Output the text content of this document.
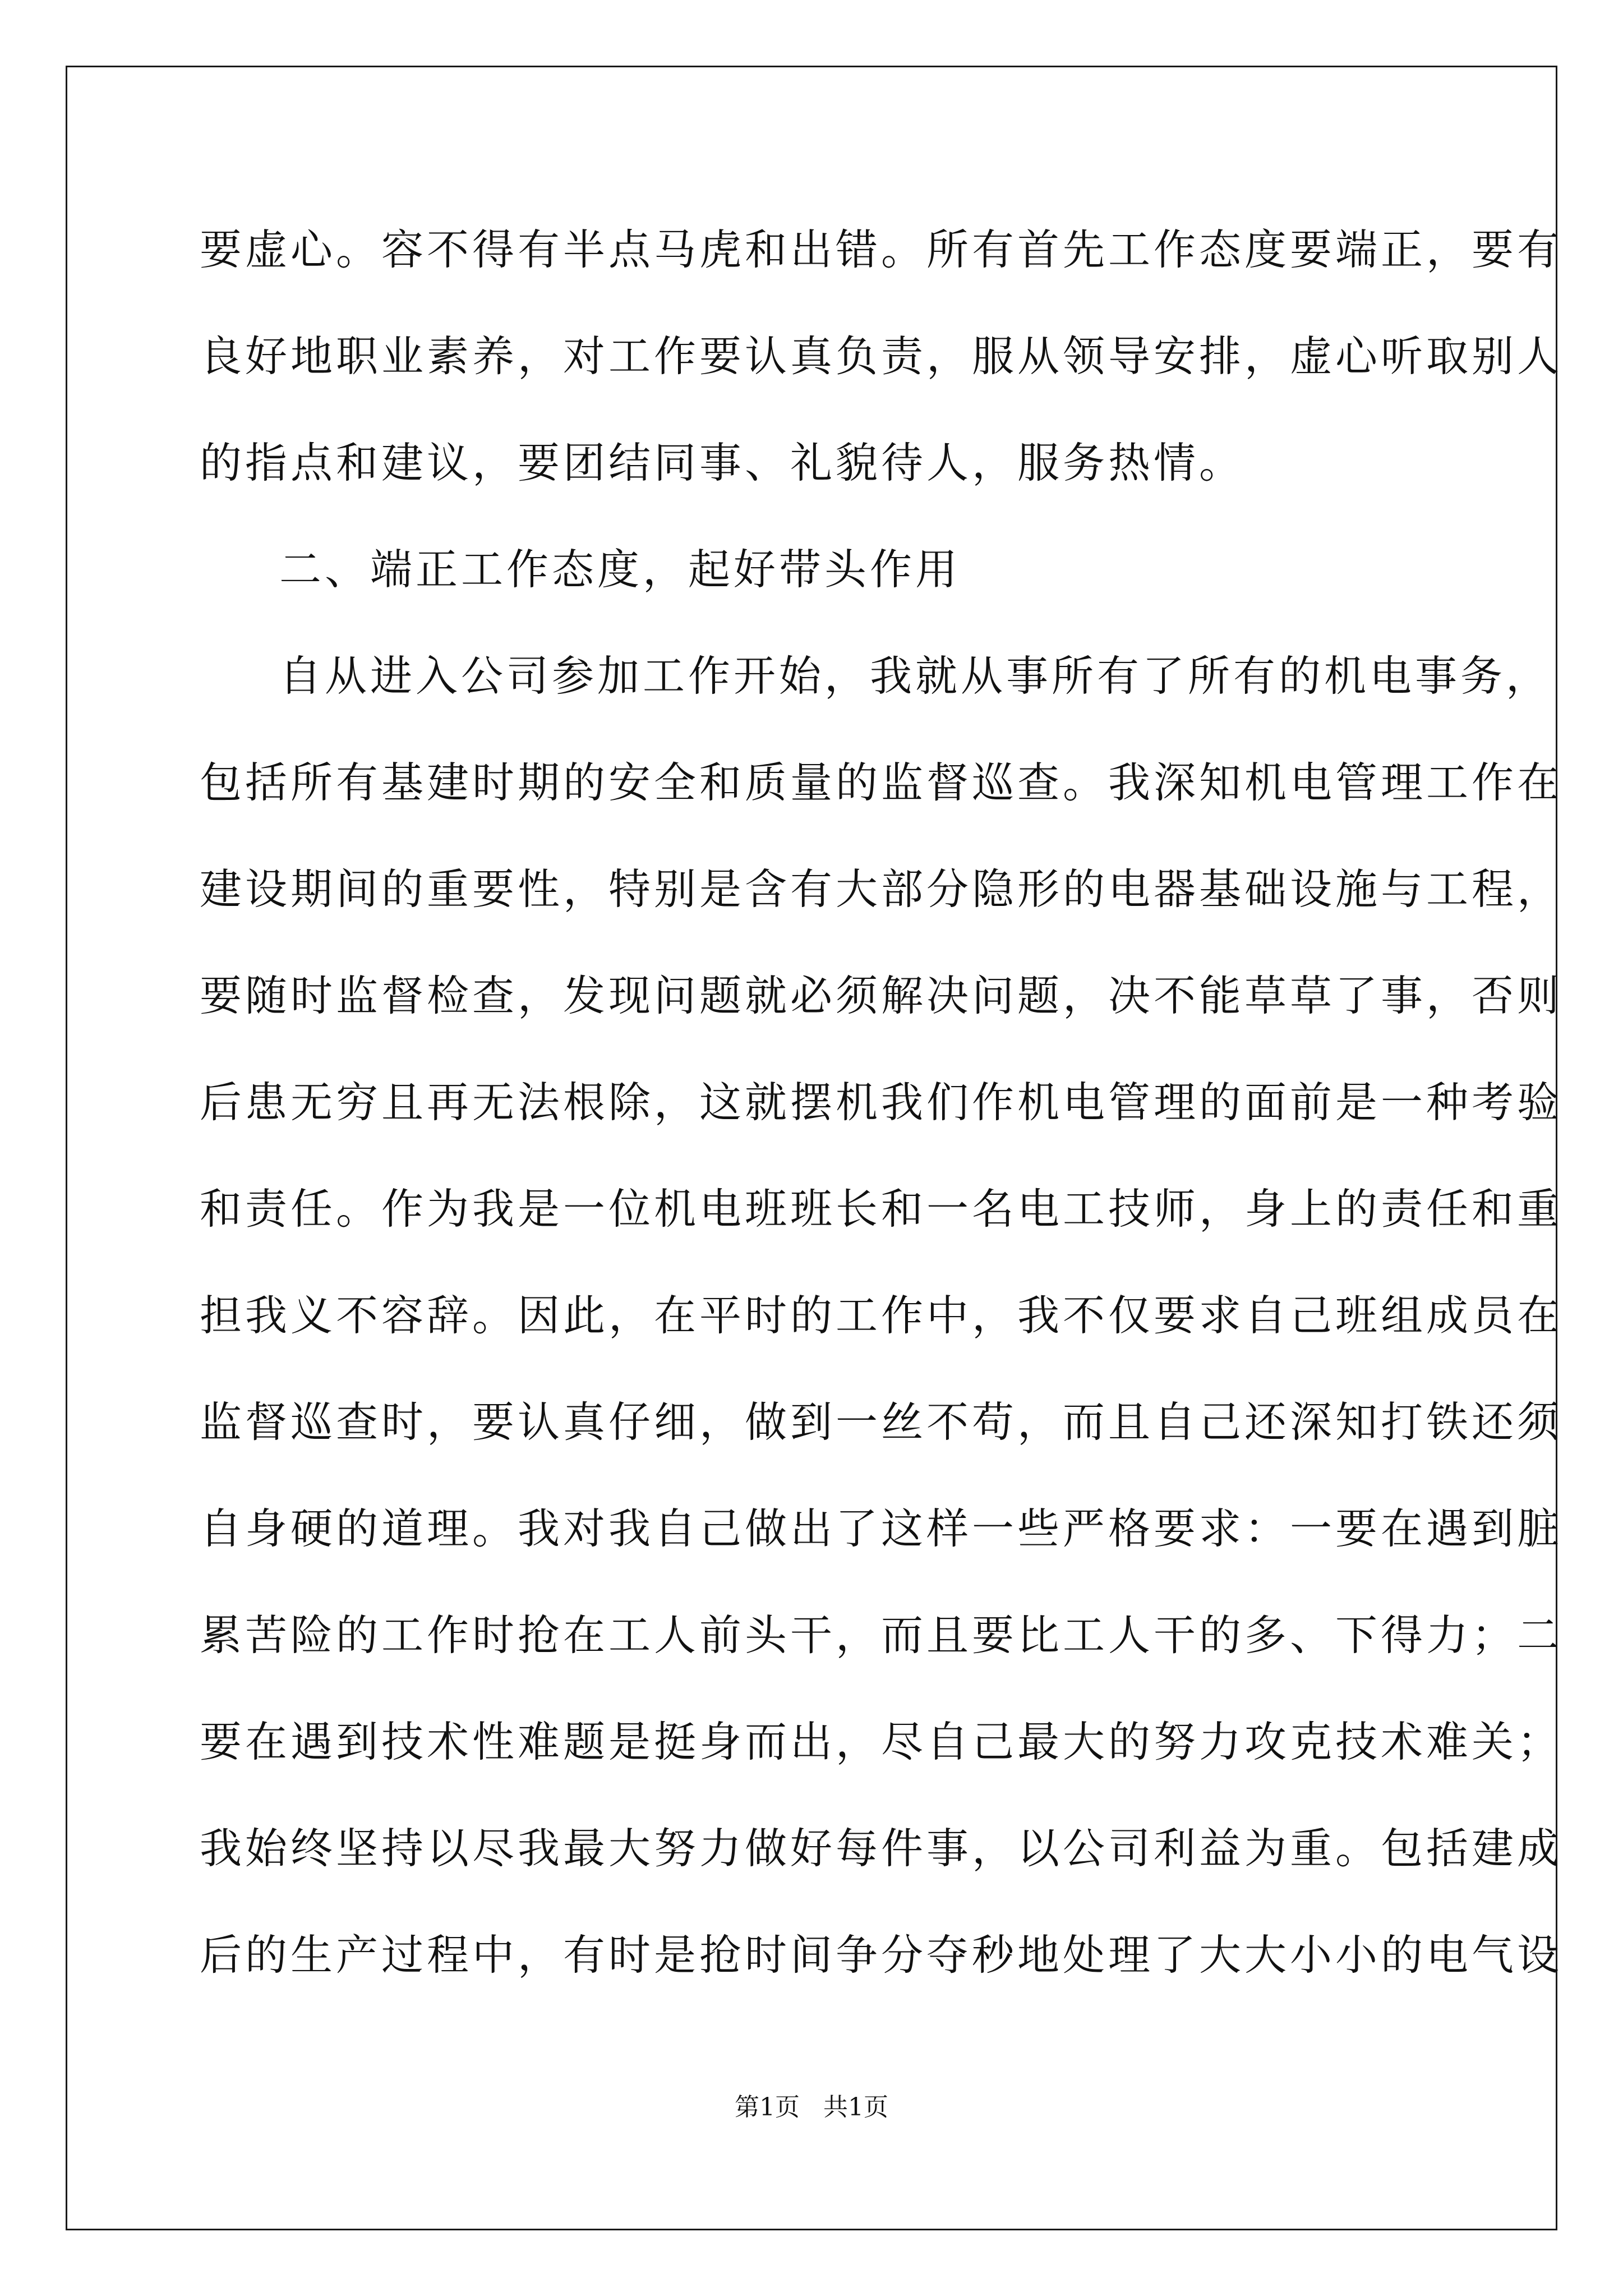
要虚心。容不得有半点马虎和出错。所有首先工作态度要端正，要有
良好地职业素养，对工作要认真负责，服从领导安排，虚心听取别人
的指点和建议，要团结同事、礼貌待人，服务热情。
二、端正工作态度，起好带头作用
自从进入公司参加工作开始，我就从事所有了所有的机电事务，
包括所有基建时期的安全和质量的监督巡查。我深知机电管理工作在
建设期间的重要性，特别是含有大部分隐形的电器基础设施与工程，
要随时监督检查，发现问题就必须解决问题，决不能草草了事，否则
后患无穷且再无法根除，这就摆机我们作机电管理的面前是一种考验
和责任。作为我是一位机电班班长和一名电工技师，身上的责任和重
担我义不容辞。因此，在平时的工作中，我不仅要求自己班组成员在
监督巡查时，要认真仔细，做到一丝不苟，而且自己还深知打铁还须
自身硬的道理。我对我自己做出了这样一些严格要求：一要在遇到脏
累苦险的工作时抢在工人前头干，而且要比工人干的多、下得力；二
要在遇到技术性难题是挺身而出，尽自己最大的努力攻克技术难关；
我始终坚持以尽我最大努力做好每件事，以公司利益为重。包括建成
后的生产过程中，有时是抢时间争分夺秒地处理了大大小小的电气设
第1页   共1页
